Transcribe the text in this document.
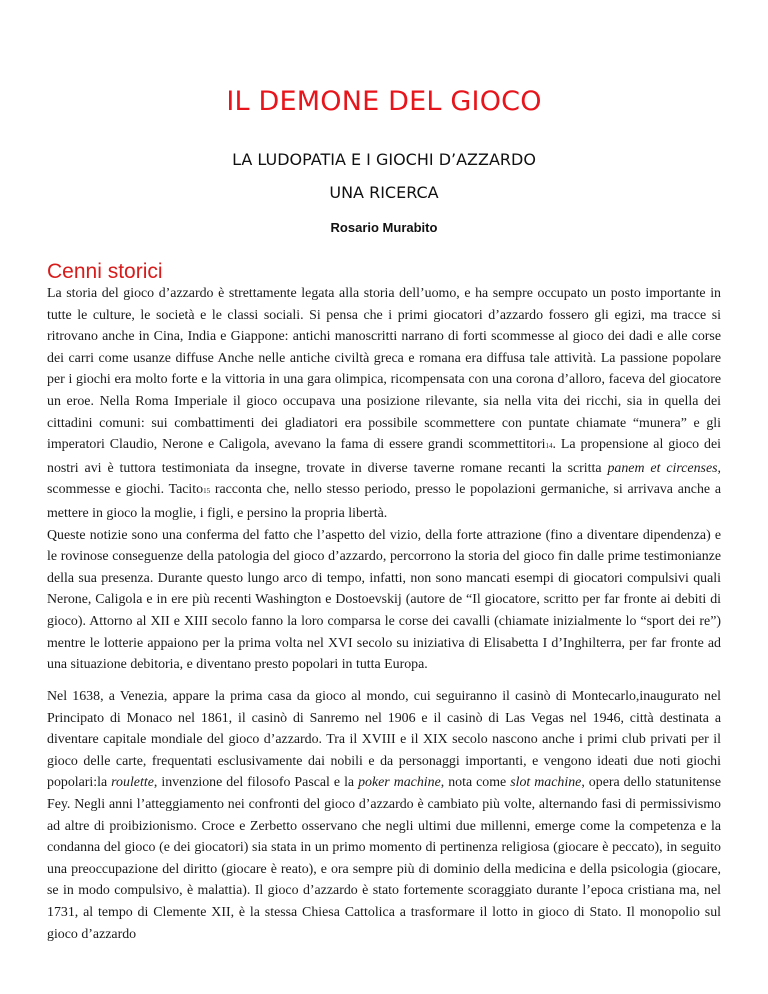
IL DEMONE DEL GIOCO
LA LUDOPATIA E I GIOCHI D’AZZARDO
UNA RICERCA
Rosario Murabito
Cenni storici

La storia del gioco d’azzardo è strettamente legata alla storia dell’uomo, e ha sempre occupato un posto importante in tutte le culture, le società e le classi sociali. Si pensa che i primi giocatori d’azzardo fossero gli egizi, ma tracce si ritrovano anche in Cina, India e Giappone: antichi manoscritti narrano di forti scommesse al gioco dei dadi e alle corse dei carri come usanze diffuse Anche nelle antiche civiltà greca e romana era diffusa tale attività. La passione popolare per i giochi era molto forte e la vittoria in una gara olimpica, ricompensata con una corona d’alloro, faceva del giocatore un eroe. Nella Roma Imperiale il gioco occupava una posizione rilevante, sia nella vita dei ricchi, sia in quella dei cittadini comuni: sui combattimenti dei gladiatori era possibile scommettere con puntate chiamate “munera” e gli imperatori Claudio, Nerone e Caligola, avevano la fama di essere grandi scommettitori14. La propensione al gioco dei nostri avi è tuttora testimoniata da insegne, trovate in diverse taverne romane recanti la scritta panem et circenses, scommesse e giochi. Tacito15 racconta che, nello stesso periodo, presso le popolazioni germaniche, si arrivava anche a mettere in gioco la moglie, i figli, e persino la propria libertà.

Queste notizie sono una conferma del fatto che l’aspetto del vizio, della forte attrazione (fino a diventare dipendenza) e le rovinose conseguenze della patologia del gioco d’azzardo, percorrono la storia del gioco fin dalle prime testimonianze della sua presenza. Durante questo lungo arco di tempo, infatti, non sono mancati esempi di giocatori compulsivi quali Nerone, Caligola e in ere più recenti Washington e Dostoevskij (autore de “Il giocatore, scritto per far fronte ai debiti di gioco). Attorno al XII e XIII secolo fanno la loro comparsa le corse dei cavalli (chiamate inizialmente lo “sport dei re”) mentre le lotterie appaiono per la prima volta nel XVI secolo su iniziativa di Elisabetta I d’Inghilterra, per far fronte ad una situazione debitoria, e diventano presto popolari in tutta Europa.

Nel 1638, a Venezia, appare la prima casa da gioco al mondo, cui seguiranno il casinò di Montecarlo,inaugurato nel Principato di Monaco nel 1861, il casinò di Sanremo nel 1906 e il casinò di Las Vegas nel 1946, città destinata a diventare capitale mondiale del gioco d’azzardo. Tra il XVIII e il XIX secolo nascono anche i primi club privati per il gioco delle carte, frequentati esclusivamente dai nobili e da personaggi importanti, e vengono ideati due noti giochi popolari:la roulette, invenzione del filosofo Pascal e la poker machine, nota come slot machine, opera dello statunitense Fey. Negli anni l’atteggiamento nei confronti del gioco d’azzardo è cambiato più volte, alternando fasi di permissivismo ad altre di proibizionismo. Croce e Zerbetto osservano che negli ultimi due millenni, emerge come la competenza e la condanna del gioco (e dei giocatori) sia stata in un primo momento di pertinenza religiosa (giocare è peccato), in seguito una preoccupazione del diritto (giocare è reato), e ora sempre più di dominio della medicina e della psicologia (giocare, se in modo compulsivo, è malattia). Il gioco d’azzardo è stato fortemente scoraggiato durante l’epoca cristiana ma, nel 1731, al tempo di Clemente XII, è la stessa Chiesa Cattolica a trasformare il lotto in gioco di Stato. Il monopolio sul gioco d’azzardo
